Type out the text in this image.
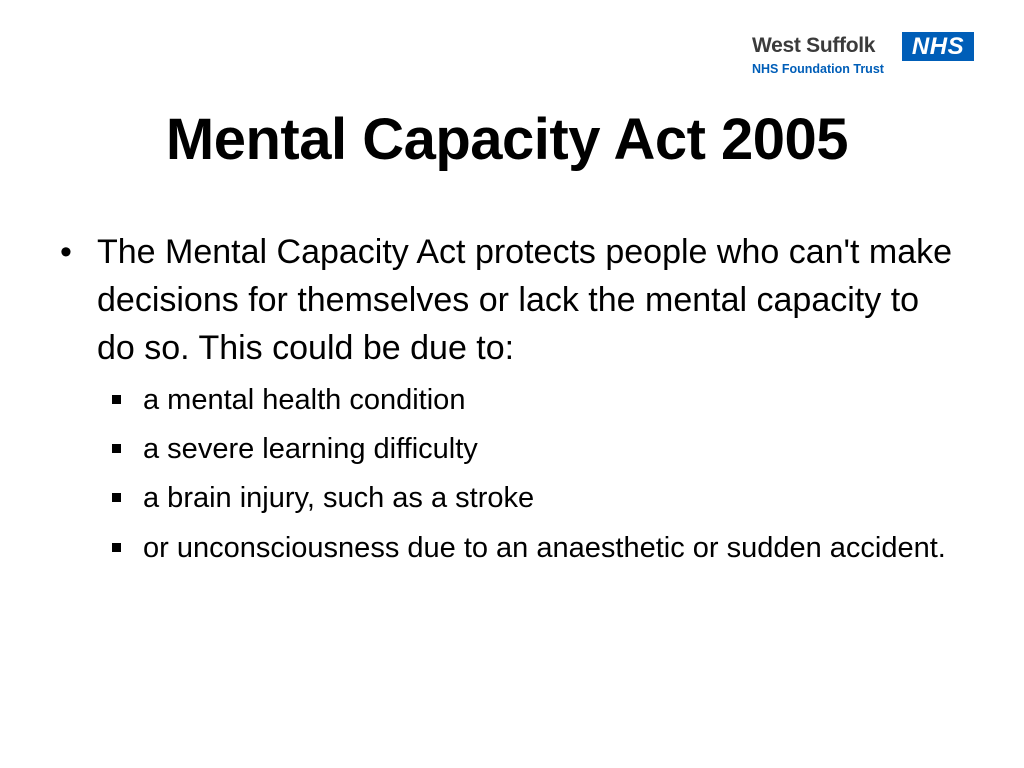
West Suffolk	NHS
NHS Foundation Trust
Mental Capacity Act 2005
• The Mental Capacity Act protects people who can't make decisions for themselves or lack the mental capacity to do so. This could be due to:
a mental health condition
a severe learning difficulty
a brain injury, such as a stroke
or unconsciousness due to an anaesthetic or sudden accident.
